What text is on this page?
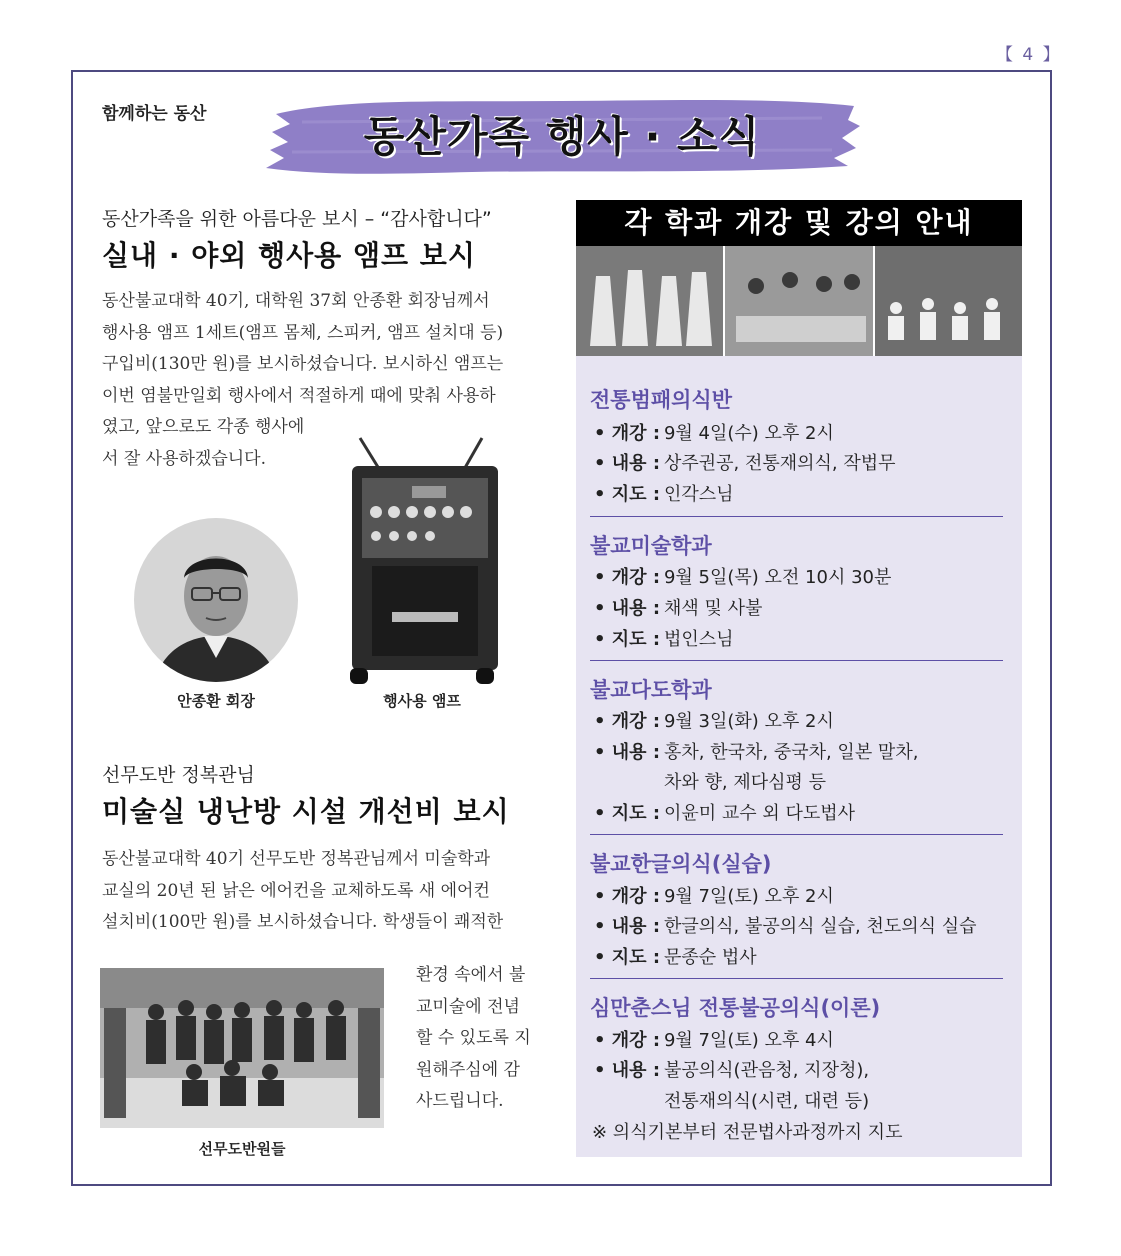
【 4 】
함께하는 동산	동산가족 행사 · 소식
동산가족을 위한 아름다운 보시 – “감사합니다”
실내 · 야외 행사용 앰프 보시
동산불교대학 40기, 대학원 37회 안종환 회장님께서
행사용 앰프 1세트(앰프 몸체, 스피커, 앰프 설치대 등)
구입비(130만 원)를 보시하셨습니다. 보시하신 앰프는
이번 염불만일회 행사에서 적절하게 때에 맞춰 사용하
였고, 앞으로도 각종 행사에
서 잘 사용하겠습니다.
안종환 회장	행사용 앰프
선무도반 정복관님
미술실 냉난방 시설 개선비 보시
동산불교대학 40기 선무도반 정복관님께서 미술학과
교실의 20년 된 낡은 에어컨을 교체하도록 새 에어컨
설치비(100만 원)를 보시하셨습니다. 학생들이 쾌적한
선무도반원들
환경 속에서 불
교미술에 전념
할 수 있도록 지
원해주심에 감
사드립니다.
각 학과 개강 및 강의 안내
전통범패의식반
• 개강 : 9월 4일(수) 오후 2시
• 내용 : 상주권공, 전통재의식, 작법무
• 지도 : 인각스님
불교미술학과
• 개강 : 9월 5일(목) 오전 10시 30분
• 내용 : 채색 및 사불
• 지도 : 법인스님
불교다도학과
• 개강 : 9월 3일(화) 오후 2시
• 내용 : 홍차, 한국차, 중국차, 일본 말차,
차와 향, 제다심평 등
• 지도 : 이윤미 교수 외 다도법사
불교한글의식(실습)
• 개강 : 9월 7일(토) 오후 2시
• 내용 : 한글의식, 불공의식 실습, 천도의식 실습
• 지도 : 문종순 법사
심만춘스님 전통불공의식(이론)
• 개강 : 9월 7일(토) 오후 4시
• 내용 : 불공의식(관음청, 지장청),
전통재의식(시련, 대련 등)
※ 의식기본부터 전문법사과정까지 지도
